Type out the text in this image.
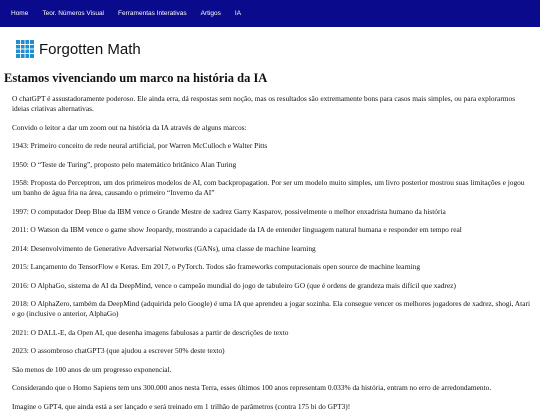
Home	Teor. Números Visual	Ferramentas Interativas	Artigos	IA
Forgotten Math
Estamos vivenciando um marco na história da IA

O chatGPT é assustadoramente poderoso. Ele ainda erra, dá respostas sem noção, mas os resultados são extremamente bons para casos mais simples, ou para explorarmos ideias criativas alternativas.

Convido o leitor a dar um zoom out na história da IA através de alguns marcos:

1943: Primeiro conceito de rede neural artificial, por Warren McCulloch e Walter Pitts

1950: O “Teste de Turing”, proposto pelo matemático britânico Alan Turing

1958: Proposta do Perceptron, um dos primeiros modelos de AI, com backpropagation. Por ser um modelo muito simples, um livro posterior mostrou suas limitações e jogou um banho de água fria na área, causando o primeiro “Inverno da AI”

1997: O computador Deep Blue da IBM vence o Grande Mestre de xadrez Garry Kasparov, possivelmente o melhor enxadrista humano da história

2011: O Watson da IBM vence o game show Jeopardy, mostrando a capacidade da IA de entender linguagem natural humana e responder em tempo real

2014: Desenvolvimento de Generative Adversarial Networks (GANs), uma classe de machine learning

2015: Lançamento do TensorFlow e Keras. Em 2017, o PyTorch. Todos são frameworks computacionais open source de machine learning

2016: O AlphaGo, sistema de AI da DeepMind, vence o campeão mundial do jogo de tabuleiro GO (que é ordens de grandeza mais difícil que xadrez)

2018: O AlphaZero, também da DeepMind (adquirida pelo Google) é uma IA que aprendeu a jogar sozinha. Ela consegue vencer os melhores jogadores de xadrez, shogi, Atari e go (inclusive o anterior, AlphaGo)

2021: O DALL-E, da Open AI, que desenha imagens fabulosas a partir de descrições de texto

2023: O assombroso chatGPT3 (que ajudou a escrever 50% deste texto)

São menos de 100 anos de um progresso exponencial.

Considerando que o Homo Sapiens tem uns 300.000 anos nesta Terra, esses últimos 100 anos representam 0.033% da história, entram no erro de arredondamento.

Imagine o GPT4, que ainda está a ser lançado e será treinado em 1 trilhão de parâmetros (contra 175 bi do GPT3)!
